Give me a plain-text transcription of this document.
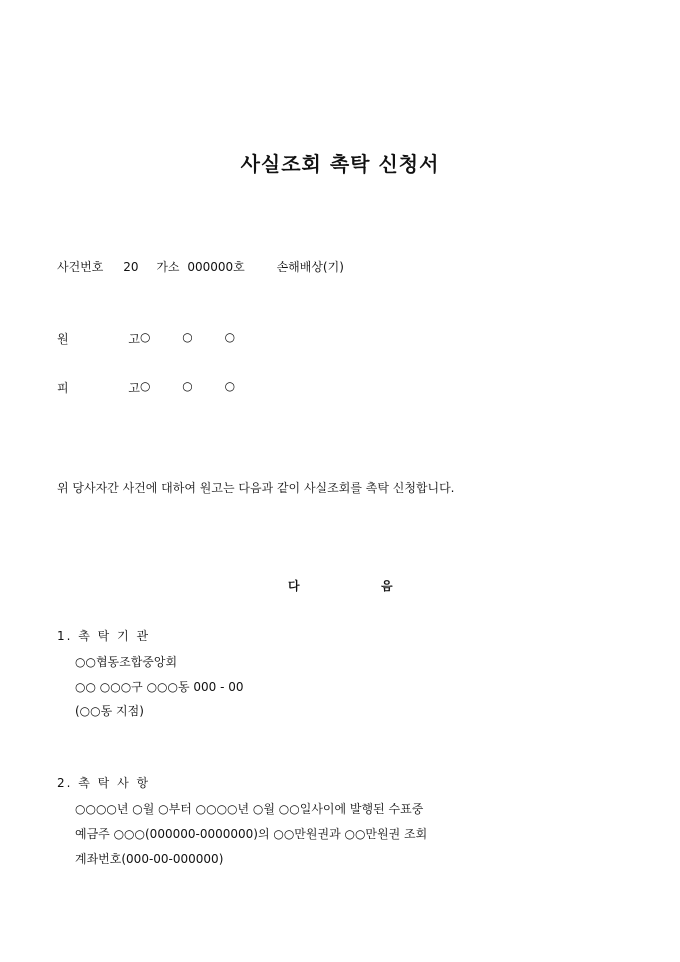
사실조회 촉탁 신청서
사건번호 20 가소 000000호	손해배상(기)
원 고
○ ○ ○
피 고
○ ○ ○
위 당사자간 사건에 대하여 원고는 다음과 같이 사실조회를 촉탁 신청합니다.
다	음
1. 촉 탁 기 관
○○협동조합중앙회
○○ ○○○구 ○○○동 000 - 00
(○○동 지점)
2. 촉 탁 사 항
○○○○년 ○월 ○부터 ○○○○년 ○월 ○○일사이에 발행된 수표중
예금주 ○○○(000000-0000000)의 ○○만원권과 ○○만원권 조회
계좌번호(000-00-000000)
